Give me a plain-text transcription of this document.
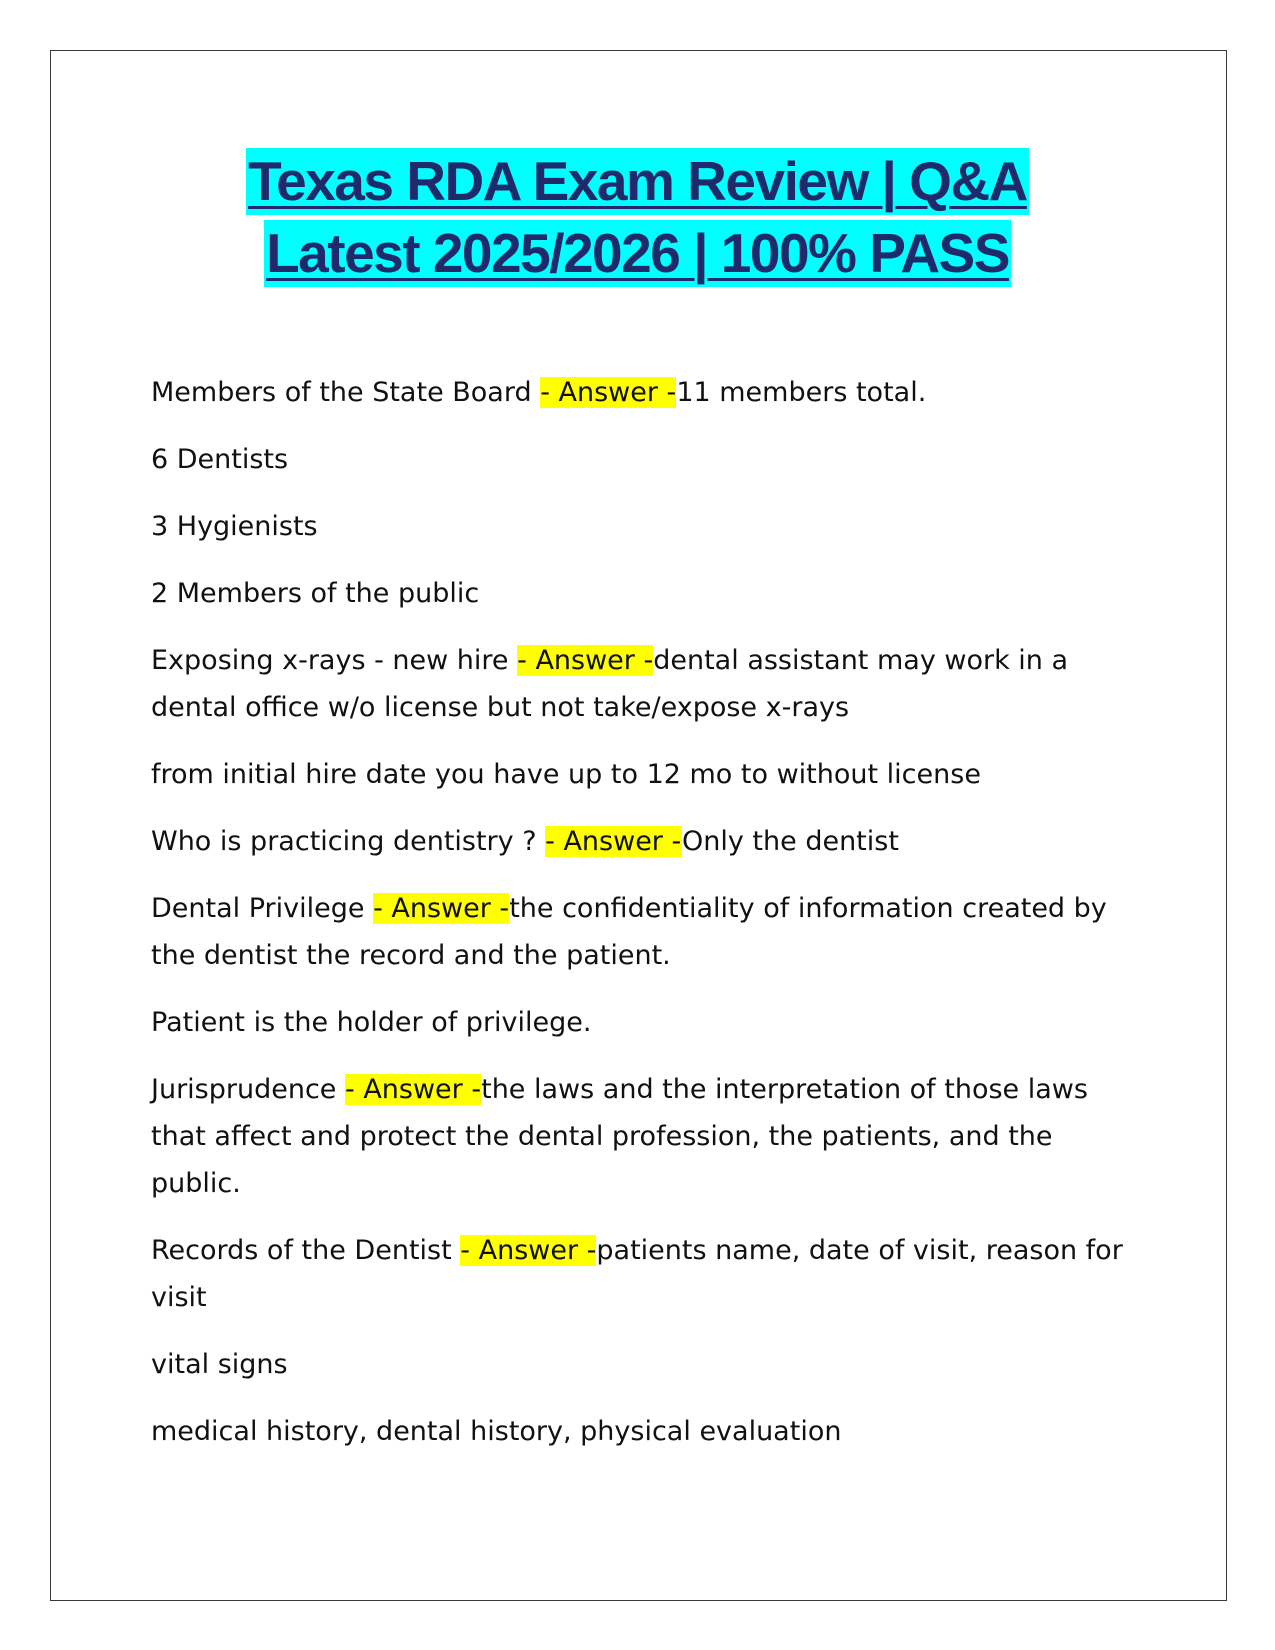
Texas RDA Exam Review | Q&A
Latest 2025/2026 | 100% PASS

Members of the State Board - Answer -11 members total.

6 Dentists

3 Hygienists

2 Members of the public

Exposing x-rays - new hire - Answer -dental assistant may work in a dental office w/o license but not take/expose x-rays

from initial hire date you have up to 12 mo to without license

Who is practicing dentistry ? - Answer -Only the dentist

Dental Privilege - Answer -the confidentiality of information created by the dentist the record and the patient.

Patient is the holder of privilege.

Jurisprudence - Answer -the laws and the interpretation of those laws that affect and protect the dental profession, the patients, and the public.

Records of the Dentist - Answer -patients name, date of visit, reason for visit

vital signs

medical history, dental history, physical evaluation
